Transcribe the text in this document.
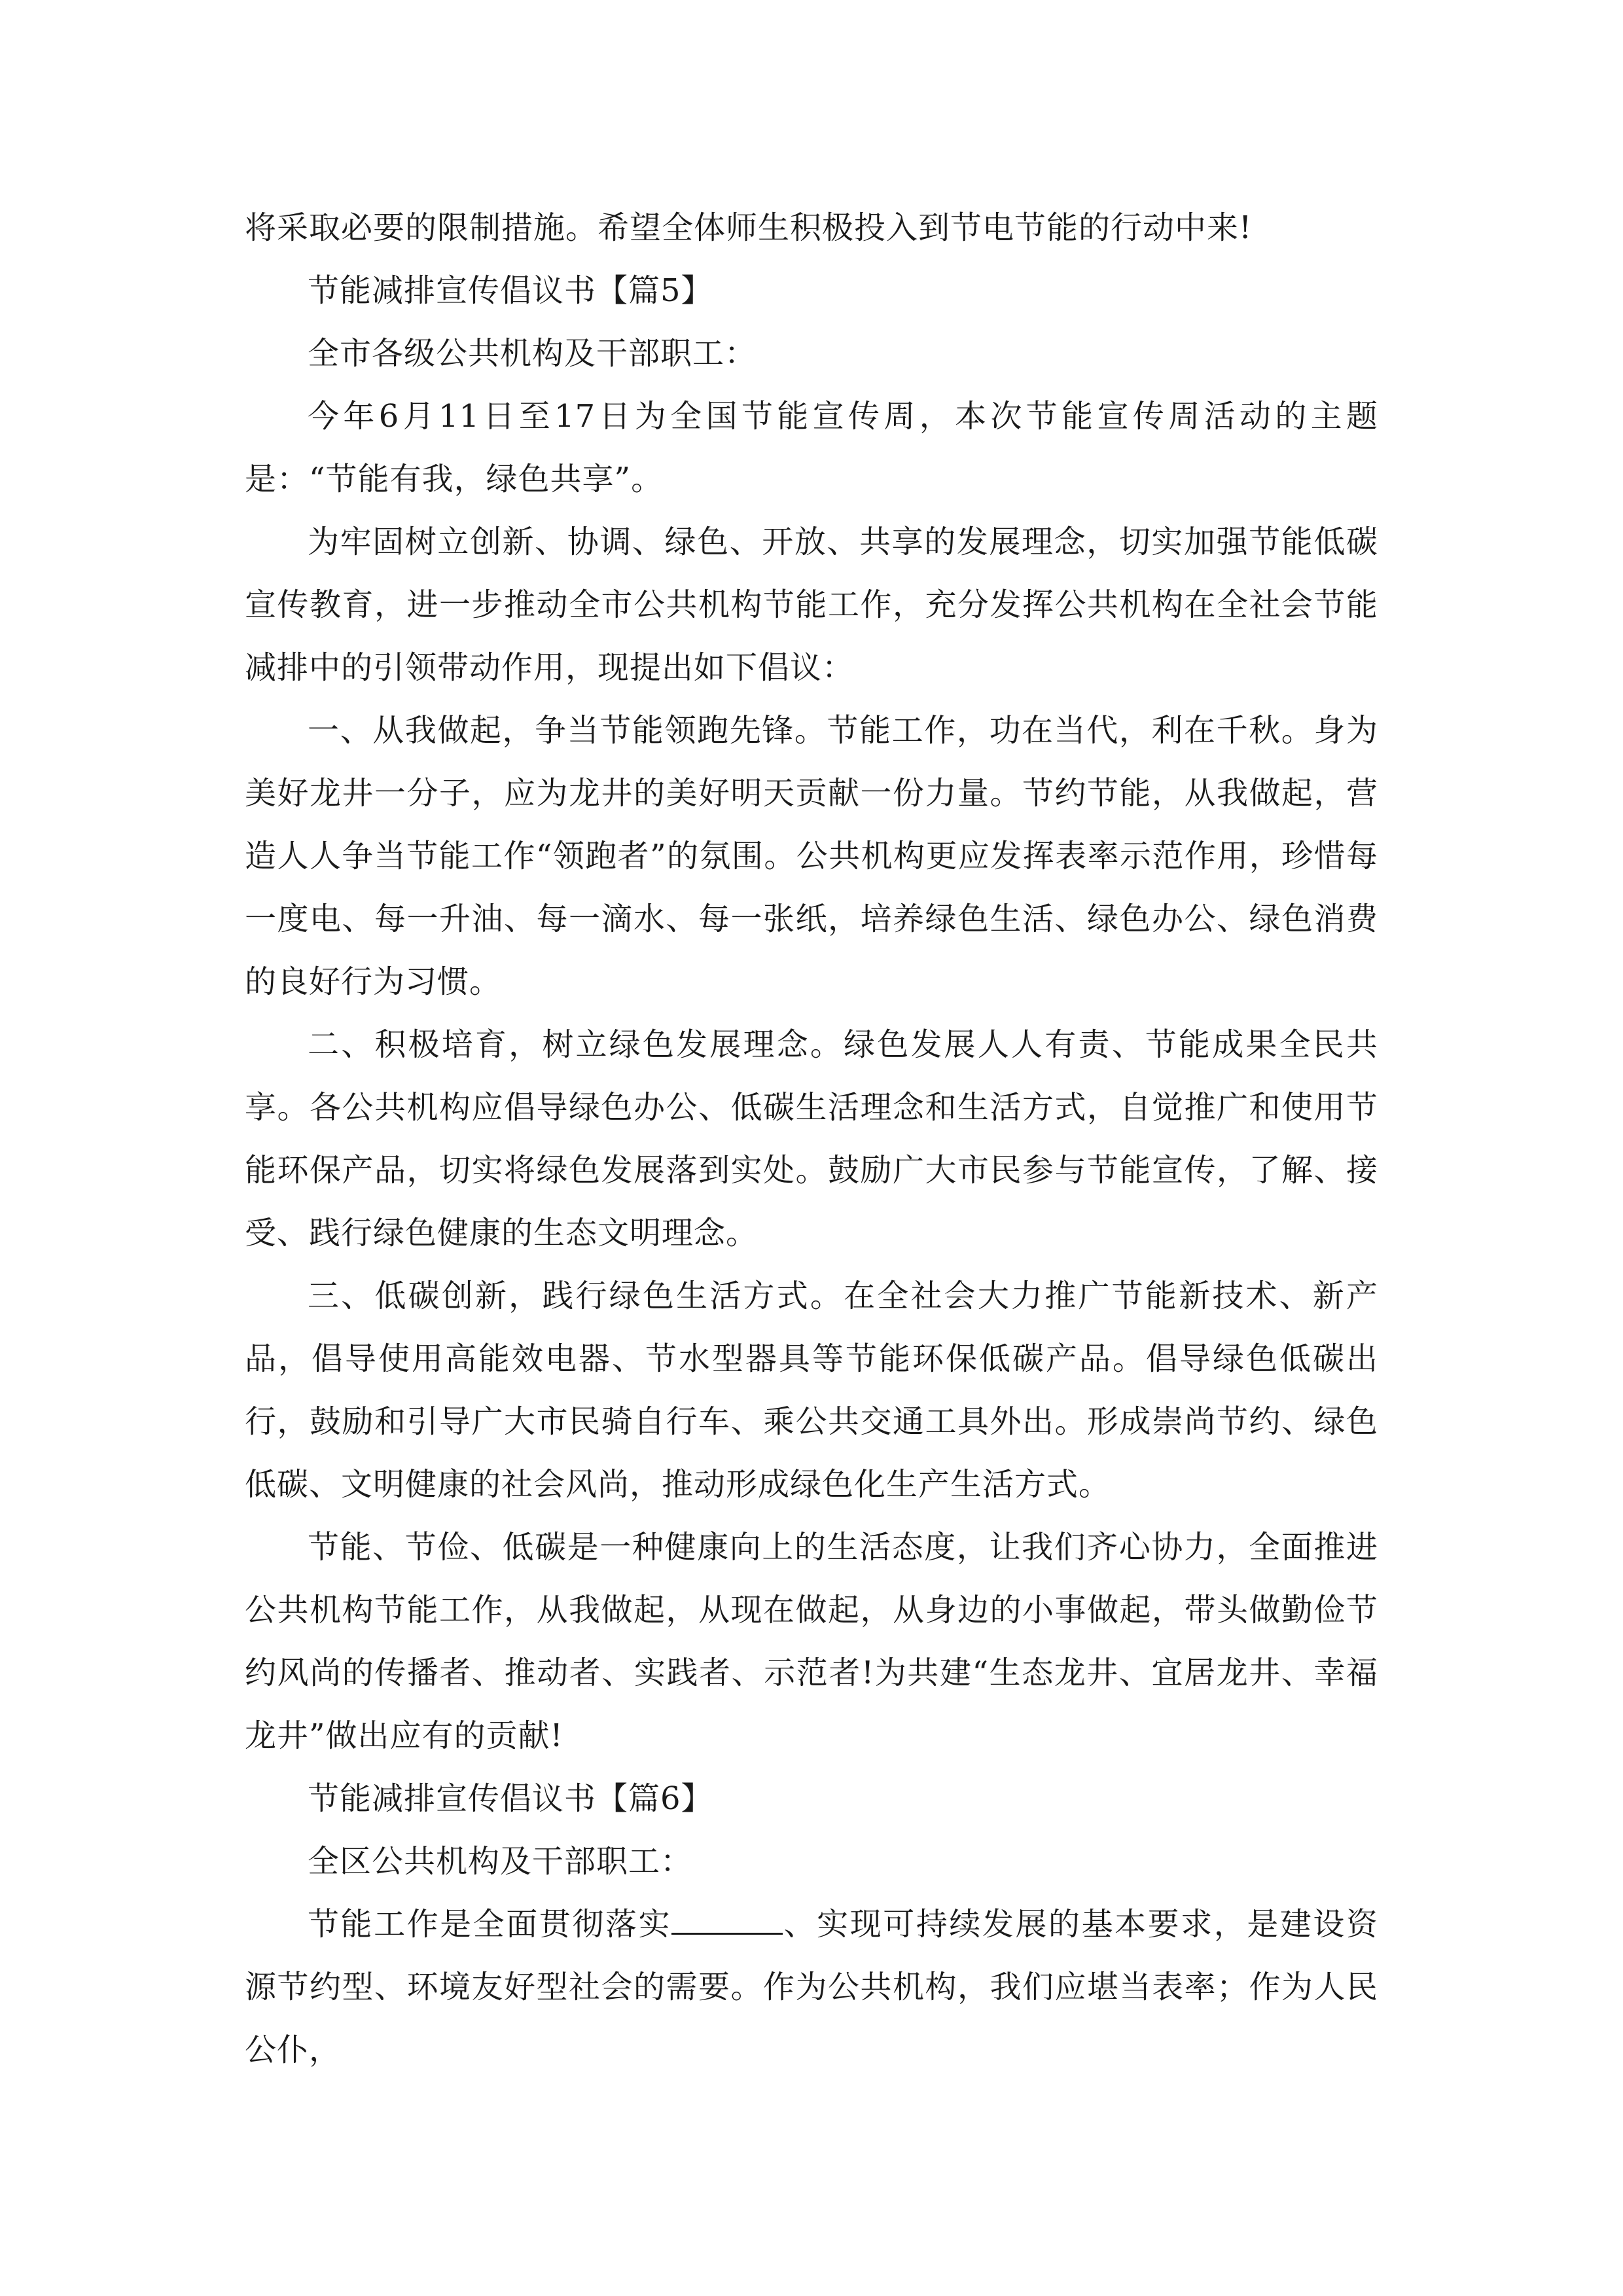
将采取必要的限制措施。希望全体师生积极投入到节电节能的行动中来!

节能减排宣传倡议书【篇5】

全市各级公共机构及干部职工：

今年6月11日至17日为全国节能宣传周，本次节能宣传周活动的主题是：“节能有我，绿色共享”。

为牢固树立创新、协调、绿色、开放、共享的发展理念，切实加强节能低碳宣传教育，进一步推动全市公共机构节能工作，充分发挥公共机构在全社会节能减排中的引领带动作用，现提出如下倡议：

一、从我做起，争当节能领跑先锋。节能工作，功在当代，利在千秋。身为美好龙井一分子，应为龙井的美好明天贡献一份力量。节约节能，从我做起，营造人人争当节能工作“领跑者”的氛围。公共机构更应发挥表率示范作用，珍惜每一度电、每一升油、每一滴水、每一张纸，培养绿色生活、绿色办公、绿色消费的良好行为习惯。

二、积极培育，树立绿色发展理念。绿色发展人人有责、节能成果全民共享。各公共机构应倡导绿色办公、低碳生活理念和生活方式，自觉推广和使用节能环保产品，切实将绿色发展落到实处。鼓励广大市民参与节能宣传，了解、接受、践行绿色健康的生态文明理念。

三、低碳创新，践行绿色生活方式。在全社会大力推广节能新技术、新产品，倡导使用高能效电器、节水型器具等节能环保低碳产品。倡导绿色低碳出行，鼓励和引导广大市民骑自行车、乘公共交通工具外出。形成崇尚节约、绿色低碳、文明健康的社会风尚，推动形成绿色化生产生活方式。

节能、节俭、低碳是一种健康向上的生活态度，让我们齐心协力，全面推进公共机构节能工作，从我做起，从现在做起，从身边的小事做起，带头做勤俭节约风尚的传播者、推动者、实践者、示范者!为共建“生态龙井、宜居龙井、幸福龙井”做出应有的贡献!

节能减排宣传倡议书【篇6】

全区公共机构及干部职工：

节能工作是全面贯彻落实	、实现可持续发展的基本要求，是建设资源节约型、环境友好型社会的需要。作为公共机构，我们应堪当表率；作为人民公仆，
